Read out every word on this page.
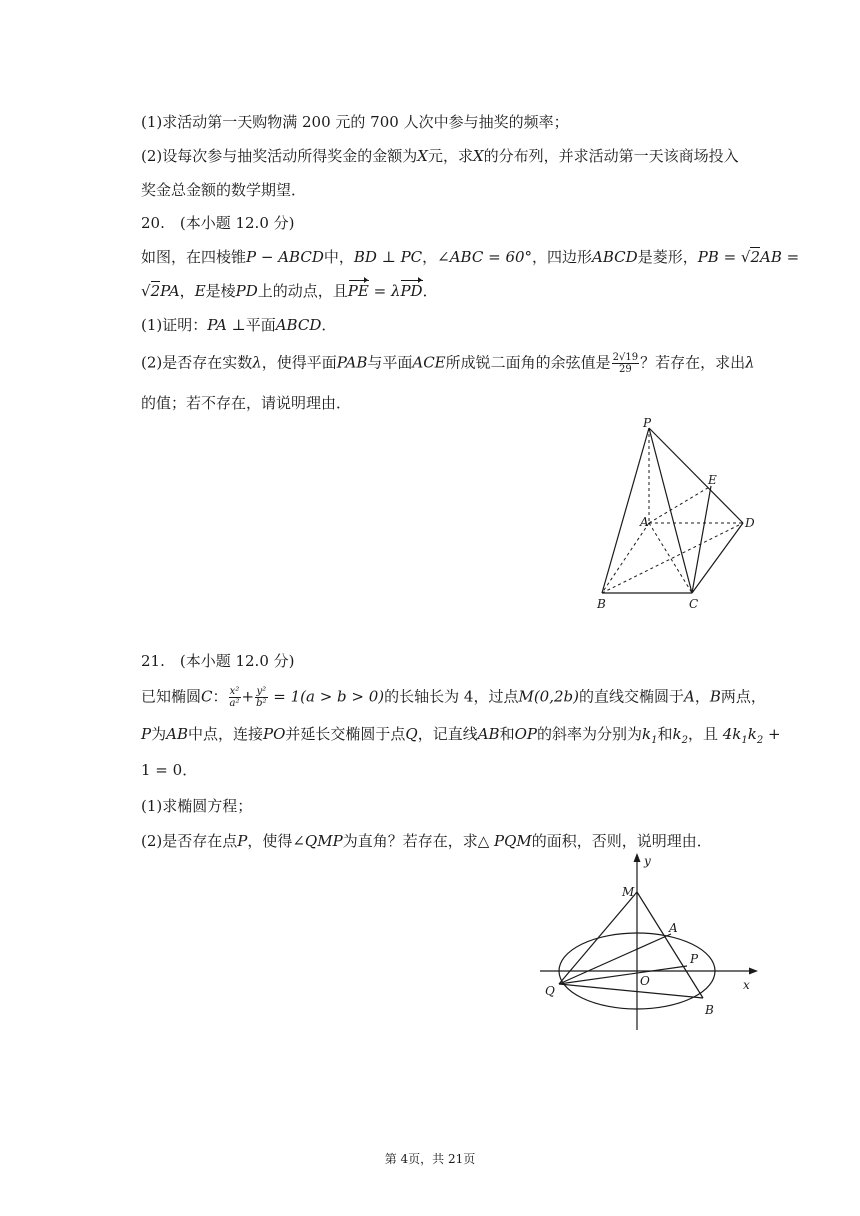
(1)求活动第一天购物满 200 元的 700 人次中参与抽奖的频率；
(2)设每次参与抽奖活动所得奖金的金额为X元，求X的分布列，并求活动第一天该商场投入
奖金总金额的数学期望．
20.　(本小题 12.0 分)
如图，在四棱锥P − ABCD中，BD ⊥ PC，∠ABC = 60°，四边形ABCD是菱形，PB = √2AB =
√2PA，E是棱PD上的动点，且PE = λPD．
(1)证明：PA ⊥平面ABCD．
(2)是否存在实数λ，使得平面PAB与平面ACE所成锐二面角的余弦值是 $\frac{2√19}{29}$ ？若存在，求出λ
的值；若不存在，请说明理由．
P
E
A	D
B	C
21.　(本小题 12.0 分)
已知椭圆C： $\frac{\text{x²}}{\text{a²}} + \frac{\text{y²}}{\text{b²}} = 1(a > b > 0)$的长轴长为 4，过点M(0,2b)的直线交椭圆于A，B两点，
P为AB中点，连接PO并延长交椭圆于点Q，记直线AB和OP的斜率为分别为$k_1$和$k_2$，且 $4k_1k_2$ +
1 = 0．
(1)求椭圆方程；
(2)是否存在点P，使得∠QMP为直角？若存在，求△ PQM的面积，否则，说明理由．
y
M
A
P
Q
O
B
x
第 4页，共 21页
